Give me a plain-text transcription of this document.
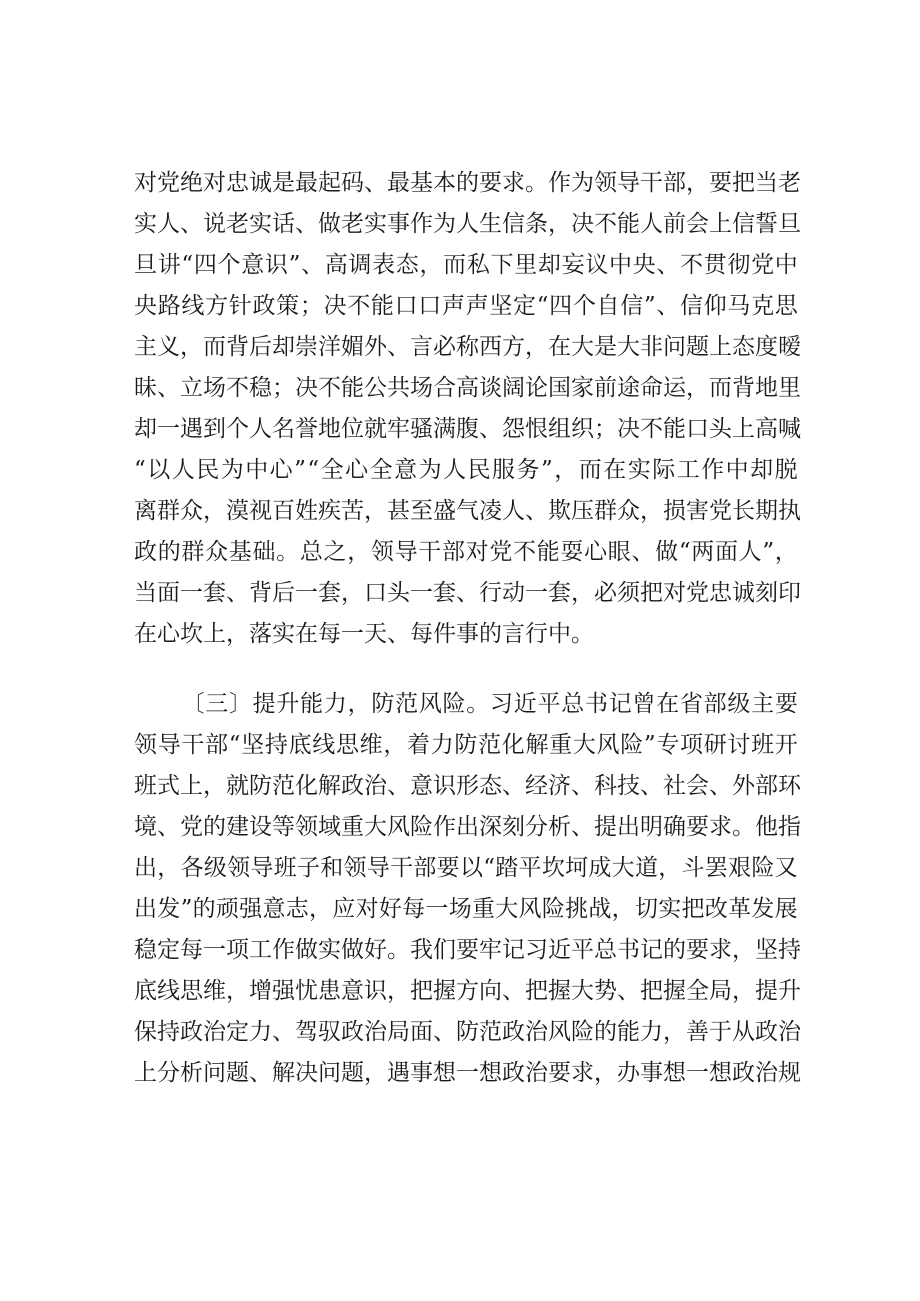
对 党 绝 对 忠 诚 是 最 起 码 、 最 基 本 的 要 求 。 作 为 领 导 干 部 ， 要 把 当 老
实 人 、 说 老 实 话 、 做 老 实 事 作 为 人 生 信 条 ， 决 不 能 人 前 会 上 信 誓 旦
旦 讲 “ 四 个 意 识 ” 、 高 调 表 态 ， 而 私 下 里 却 妄 议 中 央 、 不 贯 彻 党 中
央 路 线 方 针 政 策 ； 决 不 能 口 口 声 声 坚 定 “ 四 个 自 信 ” 、 信 仰 马 克 思
主 义 ， 而 背 后 却 崇 洋 媚 外 、 言 必 称 西 方 ， 在 大 是 大 非 问 题 上 态 度 暧
昧 、 立 场 不 稳 ； 决 不 能 公 共 场 合 高 谈 阔 论 国 家 前 途 命 运 ， 而 背 地 里
却 一 遇 到 个 人 名 誉 地 位 就 牢 骚 满 腹 、 怨 恨 组 织 ； 决 不 能 口 头 上 高 喊
“ 以 人 民 为 中 心 ” “ 全 心 全 意 为 人 民 服 务 ” ， 而 在 实 际 工 作 中 却 脱
离 群 众 ， 漠 视 百 姓 疾 苦 ， 甚 至 盛 气 凌 人 、 欺 压 群 众 ， 损 害 党 长 期 执
政 的 群 众 基 础 。 总 之 ， 领 导 干 部 对 党 不 能 耍 心 眼 、 做 “ 两 面 人 ” ，
当 面 一 套 、 背 后 一 套 ， 口 头 一 套 、 行 动 一 套 ， 必 须 把 对 党 忠 诚 刻 印
在 心 坎 上 ， 落 实 在 每 一 天 、 每 件 事 的 言 行 中 。

〔 三 〕 提 升 能 力 ， 防 范 风 险 。 习 近 平 总 书 记 曾 在 省 部 级 主 要
领 导 干 部 “ 坚 持 底 线 思 维 ， 着 力 防 范 化 解 重 大 风 险 ” 专 项 研 讨 班 开
班 式 上 ， 就 防 范 化 解 政 治 、 意 识 形 态 、 经 济 、 科 技 、 社 会 、 外 部 环
境 、 党 的 建 设 等 领 域 重 大 风 险 作 出 深 刻 分 析 、 提 出 明 确 要 求 。 他 指
出 ， 各 级 领 导 班 子 和 领 导 干 部 要 以 “ 踏 平 坎 坷 成 大 道 ， 斗 罢 艰 险 又
出 发 ” 的 顽 强 意 志 ， 应 对 好 每 一 场 重 大 风 险 挑 战 ， 切 实 把 改 革 发 展
稳 定 每 一 项 工 作 做 实 做 好 。 我 们 要 牢 记 习 近 平 总 书 记 的 要 求 ， 坚 持
底 线 思 维 ， 增 强 忧 患 意 识 ， 把 握 方 向 、 把 握 大 势 、 把 握 全 局 ， 提 升
保 持 政 治 定 力 、 驾 驭 政 治 局 面 、 防 范 政 治 风 险 的 能 力 ， 善 于 从 政 治
上 分 析 问 题 、 解 决 问 题 ， 遇 事 想 一 想 政 治 要 求 ， 办 事 想 一 想 政 治 规
